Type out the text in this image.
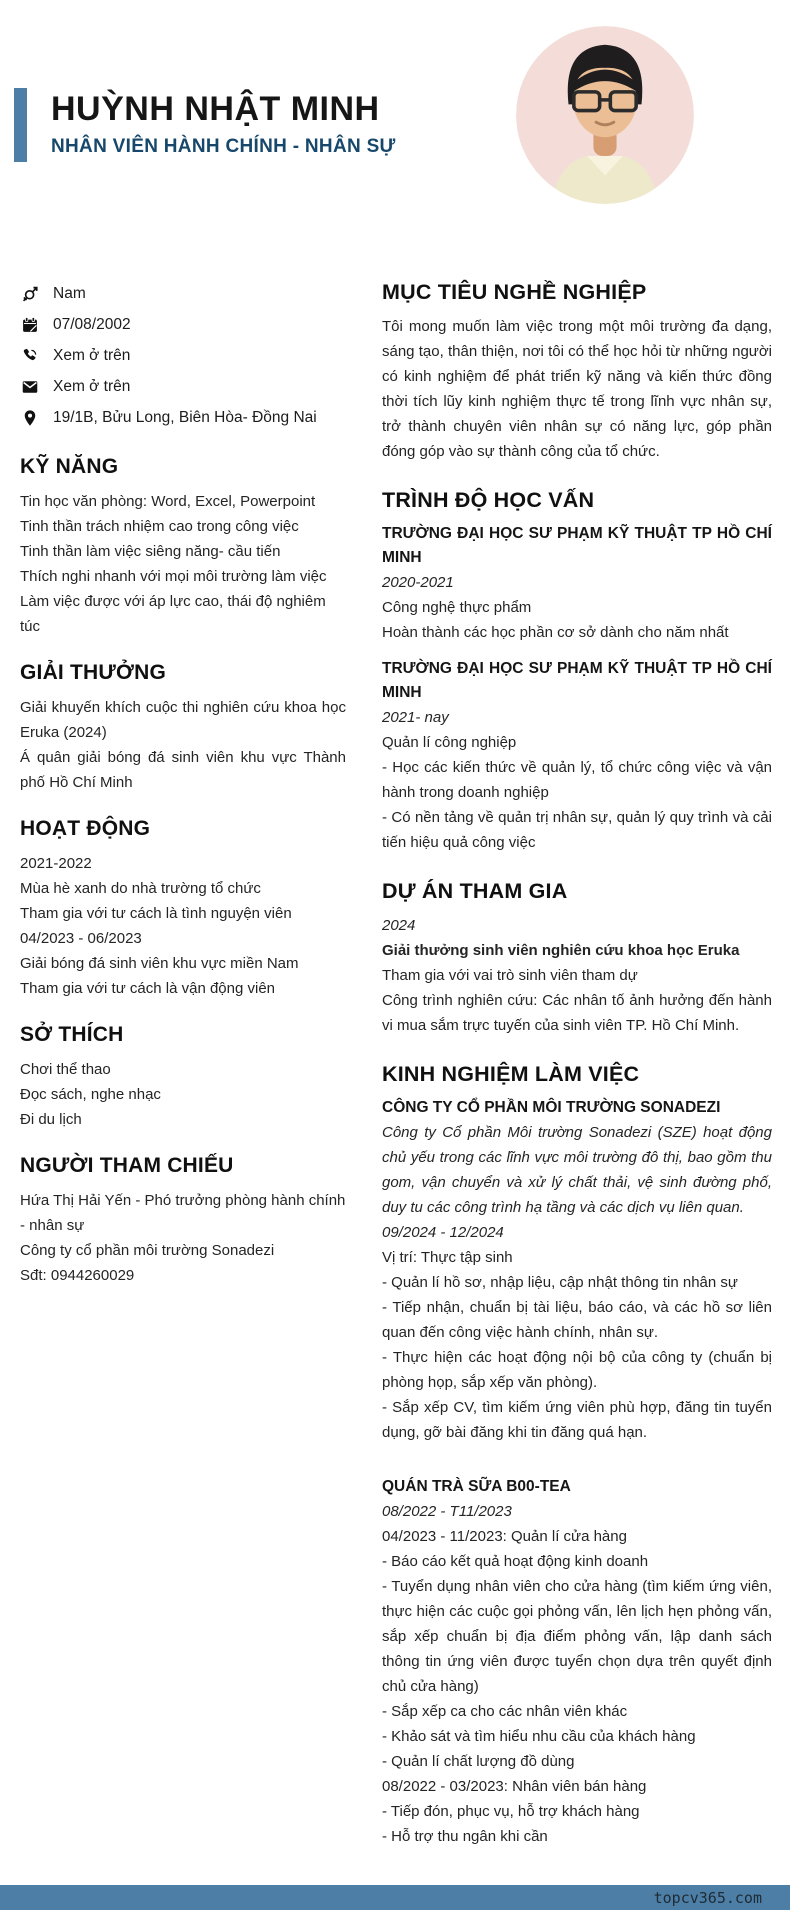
HUỲNH NHẬT MINH
NHÂN VIÊN HÀNH CHÍNH - NHÂN SỰ
Nam
07/08/2002
Xem ở trên
Xem ở trên
19/1B, Bửu Long, Biên Hòa- Đồng Nai
KỸ NĂNG

Tin học văn phòng: Word, Excel, Powerpoint

Tinh thần trách nhiệm cao trong công việc

Tinh thần làm việc siêng năng- cầu tiến

Thích nghi nhanh với mọi môi trường làm việc

Làm việc được với áp lực cao, thái độ nghiêm túc

GIẢI THƯỞNG

Giải khuyến khích cuộc thi nghiên cứu khoa học Eruka (2024)

Á quân giải bóng đá sinh viên khu vực Thành phố Hồ Chí Minh

HOẠT ĐỘNG

2021-2022

Mùa hè xanh do nhà trường tổ chức

Tham gia với tư cách là tình nguyện viên

04/2023 - 06/2023

Giải bóng đá sinh viên khu vực miền Nam

Tham gia với tư cách là vận động viên

SỞ THÍCH

Chơi thể thao

Đọc sách, nghe nhạc

Đi du lịch

NGƯỜI THAM CHIẾU

Hứa Thị Hải Yến - Phó trưởng phòng hành chính - nhân sự

Công ty cổ phần môi trường Sonadezi

Sđt: 0944260029

MỤC TIÊU NGHỀ NGHIỆP

Tôi mong muốn làm việc trong một môi trường đa dạng, sáng tạo, thân thiện, nơi tôi có thể học hỏi từ những người có kinh nghiệm để phát triển kỹ năng và kiến thức đồng thời tích lũy kinh nghiệm thực tế trong lĩnh vực nhân sự, trở thành chuyên viên nhân sự có năng lực, góp phần đóng góp vào sự thành công của tổ chức.

TRÌNH ĐỘ HỌC VẤN

TRƯỜNG ĐẠI HỌC SƯ PHẠM KỸ THUẬT TP HỒ CHÍ MINH

2020-2021

Công nghệ thực phẩm

Hoàn thành các học phần cơ sở dành cho năm nhất

TRƯỜNG ĐẠI HỌC SƯ PHẠM KỸ THUẬT TP HỒ CHÍ MINH

2021- nay

Quản lí công nghiệp

- Học các kiến thức về quản lý, tổ chức công việc và vận hành trong doanh nghiệp

- Có nền tảng về quản trị nhân sự, quản lý quy trình và cải tiến hiệu quả công việc

DỰ ÁN THAM GIA

2024

Giải thưởng sinh viên nghiên cứu khoa học Eruka

Tham gia với vai trò sinh viên tham dự

Công trình nghiên cứu: Các nhân tố ảnh hưởng đến hành vi mua sắm trực tuyến của sinh viên TP. Hồ Chí Minh.

KINH NGHIỆM LÀM VIỆC

CÔNG TY CỔ PHẦN MÔI TRƯỜNG SONADEZI

Công ty Cổ phần Môi trường Sonadezi (SZE) hoạt động chủ yếu trong các lĩnh vực môi trường đô thị, bao gồm thu gom, vận chuyển và xử lý chất thải, vệ sinh đường phố, duy tu các công trình hạ tầng và các dịch vụ liên quan.

09/2024 - 12/2024

Vị trí: Thực tập sinh

- Quản lí hồ sơ, nhập liệu, cập nhật thông tin nhân sự

- Tiếp nhận, chuẩn bị tài liệu, báo cáo, và các hồ sơ liên quan đến công việc hành chính, nhân sự.

- Thực hiện các hoạt động nội bộ của công ty (chuẩn bị phòng họp, sắp xếp văn phòng).

- Sắp xếp CV, tìm kiếm ứng viên phù hợp, đăng tin tuyển dụng, gỡ bài đăng khi tin đăng quá hạn.

QUÁN TRÀ SỮA B00-TEA

08/2022 - T11/2023

04/2023 - 11/2023: Quản lí cửa hàng

- Báo cáo kết quả hoạt động kinh doanh

- Tuyển dụng nhân viên cho cửa hàng (tìm kiếm ứng viên, thực hiện các cuộc gọi phỏng vấn, lên lịch hẹn phỏng vấn, sắp xếp chuẩn bị địa điểm phỏng vấn, lập danh sách thông tin ứng viên được tuyển chọn dựa trên quyết định chủ cửa hàng)

- Sắp xếp ca cho các nhân viên khác

- Khảo sát và tìm hiểu nhu cầu của khách hàng

- Quản lí chất lượng đồ dùng

08/2022 - 03/2023: Nhân viên bán hàng

- Tiếp đón, phục vụ, hỗ trợ khách hàng

- Hỗ trợ thu ngân khi cần

topcv365.com
